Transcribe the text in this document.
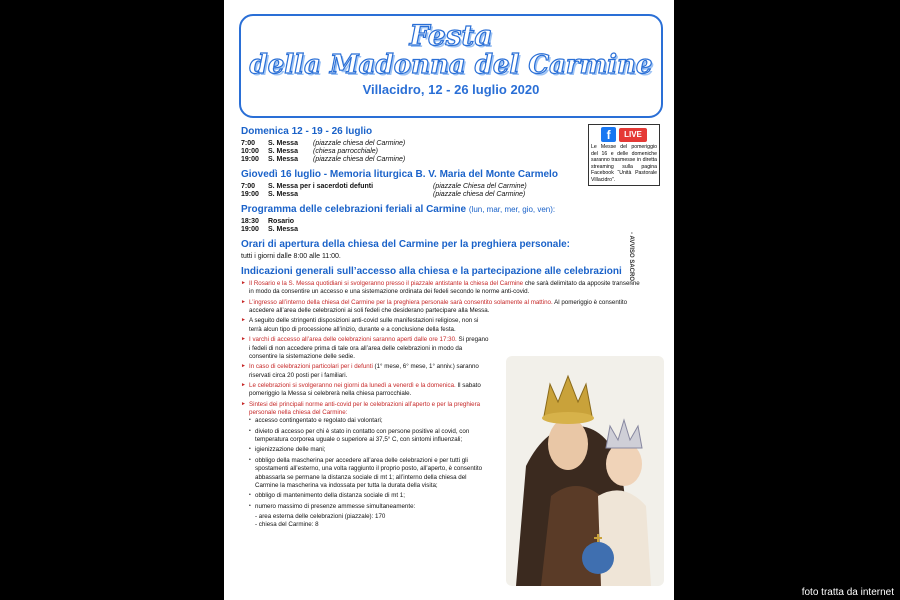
Festa
della Madonna del Carmine
Villacidro, 12 - 26 luglio 2020
Domenica 12 - 19 - 26 luglio
7:00	S. Messa	(piazzale chiesa del Carmine)
10:00	S. Messa	(chiesa parrocchiale)
19:00	S. Messa	(piazzale chiesa del Carmine)
Giovedì 16 luglio - Memoria liturgica B. V. Maria del Monte Carmelo
7:00	S. Messa per i sacerdoti defunti	(piazzale Chiesa del Carmine)
19:00	S. Messa	(piazzale chiesa del Carmine)
Programma delle celebrazioni feriali al Carmine (lun, mar, mer, gio, ven):
18:30	Rosario
19:00	S. Messa
Orari di apertura della chiesa del Carmine per la preghiera personale:
tutti i giorni dalle 8:00 alle 11:00.
Indicazioni generali sull’accesso alla chiesa e la partecipazione alle celebrazioni
► Il Rosario e la S. Messa quotidiani si svolgeranno presso il piazzale antistante la chiesa del Carmine che sarà delimitato da apposite transenne in modo da consentire un accesso e una sistemazione ordinata dei fedeli secondo le norme anti-covid.
► L’ingresso all’interno della chiesa del Carmine per la preghiera personale sarà consentito solamente al mattino. Al pomeriggio è consentito accedere all’area delle celebrazioni ai soli fedeli che desiderano partecipare alla Messa.
► A seguito delle stringenti disposizioni anti-covid sulle manifestazioni religiose, non si terrà alcun tipo di processione all’inizio, durante e a conclusione della festa.
► I varchi di accesso all’area delle celebrazioni saranno aperti dalle ore 17:30. Si pregano i fedeli di non accedere prima di tale ora all’area delle celebrazioni in modo da consentire la sistemazione delle sedie.
► In caso di celebrazioni particolari per i defunti (1° mese, 6° mese, 1° anniv.) saranno riservati circa 20 posti per i familiari.
► Le celebrazioni si svolgeranno nei giorni da lunedì a venerdì e la domenica. Il sabato pomeriggio la Messa si celebrerà nella chiesa parrocchiale.
► Sintesi dei principali norme anti-covid per le celebrazioni all’aperto e per la preghiera personale nella chiesa del Carmine:
• accesso contingentato e regolato dai volontari;
• divieto di accesso per chi è stato in contatto con persone positive al covid, con temperatura corporea uguale o superiore ai 37,5° C, con sintomi influenzali;
• igienizzazione delle mani;
• obbligo della mascherina per accedere all’area delle celebrazioni e per tutti gli spostamenti all’esterno, una volta raggiunto il proprio posto, all’aperto, è consentito abbassarla se permane la distanza sociale di mt 1; all’interno della chiesa del Carmine la mascherina va indossata per tutta la durata della visita;
• obbligo di mantenimento della distanza sociale di mt 1;
• numero massimo di presenze ammesse simultaneamente:
- area esterna delle celebrazioni (piazzale): 170
- chiesa del Carmine: 8
f	LIVE
Le Messe del pomeriggio del 16 e delle domeniche saranno trasmesse in diretta streaming sulla pagina Facebook “Unità Pastorale Villacidro”.
- AVVISO SACRO -
foto tratta da internet
